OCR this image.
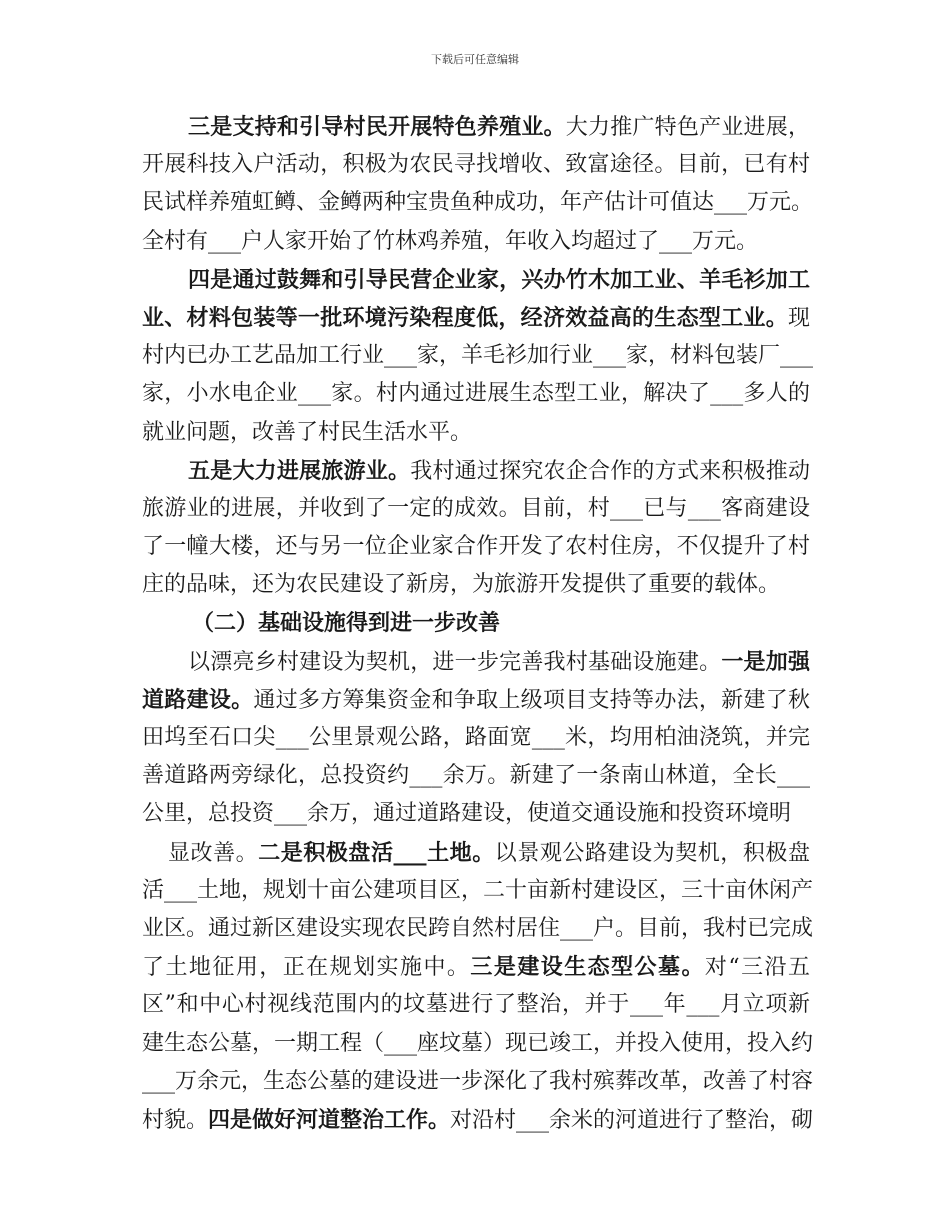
下载后可任意编辑
三是支持和引导村民开展特色养殖业。大力推广特色产业进展，
开展科技入户活动，积极为农民寻找增收、致富途径。目前，已有村
民试样养殖虹鳟、金鳟两种宝贵鱼种成功，年产估计可值达___万元。
全村有___户人家开始了竹林鸡养殖，年收入均超过了___万元。
四是通过鼓舞和引导民营企业家，兴办竹木加工业、羊毛衫加工
业、材料包装等一批环境污染程度低，经济效益高的生态型工业。现
村内已办工艺品加工行业___家，羊毛衫加行业___家，材料包装厂___
家，小水电企业___家。村内通过进展生态型工业，解决了___多人的
就业问题，改善了村民生活水平。
五是大力进展旅游业。我村通过探究农企合作的方式来积极推动
旅游业的进展，并收到了一定的成效。目前，村___已与___客商建设
了一幢大楼，还与另一位企业家合作开发了农村住房，不仅提升了村
庄的品味，还为农民建设了新房，为旅游开发提供了重要的载体。
（二）基础设施得到进一步改善
以漂亮乡村建设为契机，进一步完善我村基础设施建。一是加强
道路建设。通过多方筹集资金和争取上级项目支持等办法，新建了秋
田坞至石口尖___公里景观公路，路面宽___米，均用柏油浇筑，并完
善道路两旁绿化，总投资约___余万。新建了一条南山林道，全长___
公里，总投资___余万，通过道路建设，使道交通设施和投资环境明
显改善。二是积极盘活___土地。以景观公路建设为契机，积极盘
活___土地，规划十亩公建项目区，二十亩新村建设区，三十亩休闲产
业区。通过新区建设实现农民跨自然村居住___户。目前，我村已完成
了土地征用，正在规划实施中。三是建设生态型公墓。对“三沿五
区”和中心村视线范围内的坟墓进行了整治，并于___年___月立项新
建生态公墓，一期工程（___座坟墓）现已竣工，并投入使用，投入约
___万余元，生态公墓的建设进一步深化了我村殡葬改革，改善了村容
村貌。四是做好河道整治工作。对沿村___余米的河道进行了整治，砌
